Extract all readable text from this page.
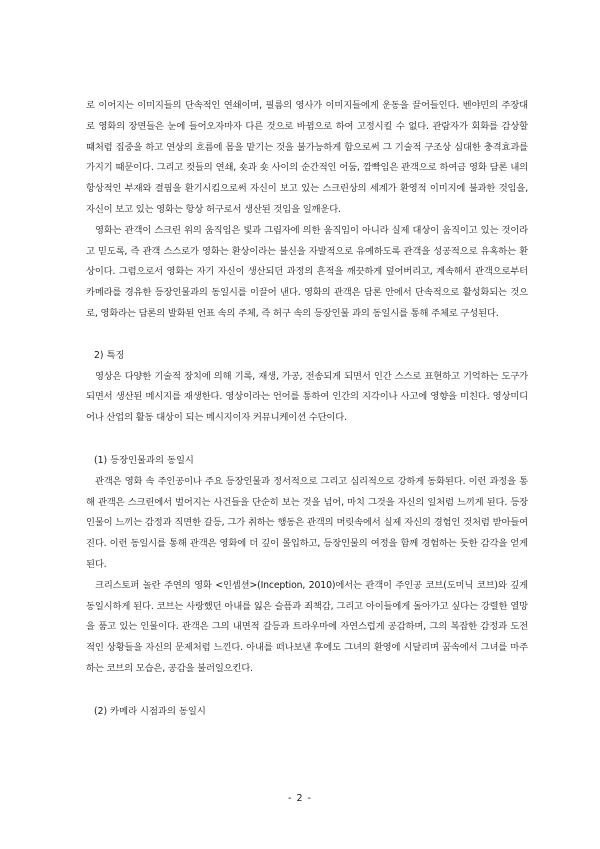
로 이어지는 이미지들의 단속적인 연쇄이며, 필름의 영사가 이미지들에게 운동을 끌어들인다. 벤야민의 주장대로 영화의 장면들은 눈에 들어오자마자 다른 것으로 바뀜으로 하여 고정시킬 수 없다. 관람자가 회화를 감상할 때처럼 집중을 하고 연상의 흐름에 몸을 맡기는 것을 불가능하게 함으로써 그 기술적 구조상 심대한 충격효과를 가지기 때문이다. 그리고 컷들의 연쇄, 숏과 숏 사이의 순간적인 어둠, 깜빡임은 관객으로 하여금 영화 담론 내의 항상적인 부재와 결핍을 환기시킴으로써 자신이 보고 있는 스크린상의 세계가 환영적 이미지에 불과한 것임을, 자신이 보고 있는 영화는 항상 허구로서 생산된 것임을 일깨운다.

영화는 관객이 스크린 위의 움직임은 빛과 그림자에 의한 움직임이 아니라 실제 대상이 움직이고 있는 것이라고 믿도록, 즉 관객 스스로가 영화는 환상이라는 불신을 자발적으로 유예하도록 관객을 성공적으로 유혹하는 환상이다. 그럼으로서 영화는 자기 자신이 생산되던 과정의 흔적을 깨끗하게 덮어버리고, 계속해서 관객으로부터 카메라를 경유한 등장인물과의 동일시를 이끌어 낸다. 영화의 관객은 담론 안에서 단속적으로 활성화되는 것으로, 영화라는 담론의 발화된 언표 속의 주체, 즉 허구 속의 등장인물 과의 동일시를 통해 주체로 구성된다.

2) 특징

영상은 다양한 기술적 장치에 의해 기록, 재생, 가공, 전송되게 되면서 인간 스스로 표현하고 기억하는 도구가 되면서 생산된 메시지를 재생한다. 영상이라는 언어를 통하여 인간의 지각이나 사고에 영향을 미친다. 영상미디어나 산업의 활동 대상이 되는 메시지이자 커뮤니케이션 수단이다.

(1) 등장인물과의 동일시

관객은 영화 속 주인공이나 주요 등장인물과 정서적으로 그리고 심리적으로 강하게 동화된다. 이런 과정을 통해 관객은 스크린에서 벌어지는 사건들을 단순히 보는 것을 넘어, 마치 그것을 자신의 일처럼 느끼게 된다. 등장인물이 느끼는 감정과 직면한 갈등, 그가 취하는 행동은 관객의 머릿속에서 실제 자신의 경험인 것처럼 받아들여진다. 이런 동일시를 통해 관객은 영화에 더 깊이 몰입하고, 등장인물의 여정을 함께 경험하는 듯한 감각을 얻게 된다.

크리스토퍼 놀란 주연의 영화 <인셉션>(Inception, 2010)에서는 관객이 주인공 코브(도미닉 코브)와 깊게 동일시하게 된다. 코브는 사랑했던 아내를 잃은 슬픔과 죄책감, 그리고 아이들에게 돌아가고 싶다는 강렬한 열망을 품고 있는 인물이다. 관객은 그의 내면적 갈등과 트라우마에 자연스럽게 공감하며, 그의 복잡한 감정과 도전적인 상황들을 자신의 문제처럼 느낀다. 아내를 떠나보낸 후에도 그녀의 환영에 시달리며 꿈속에서 그녀를 마주하는 코브의 모습은, 공감을 불러일으킨다.

(2) 카메라 시점과의 동일시

- 2 -
